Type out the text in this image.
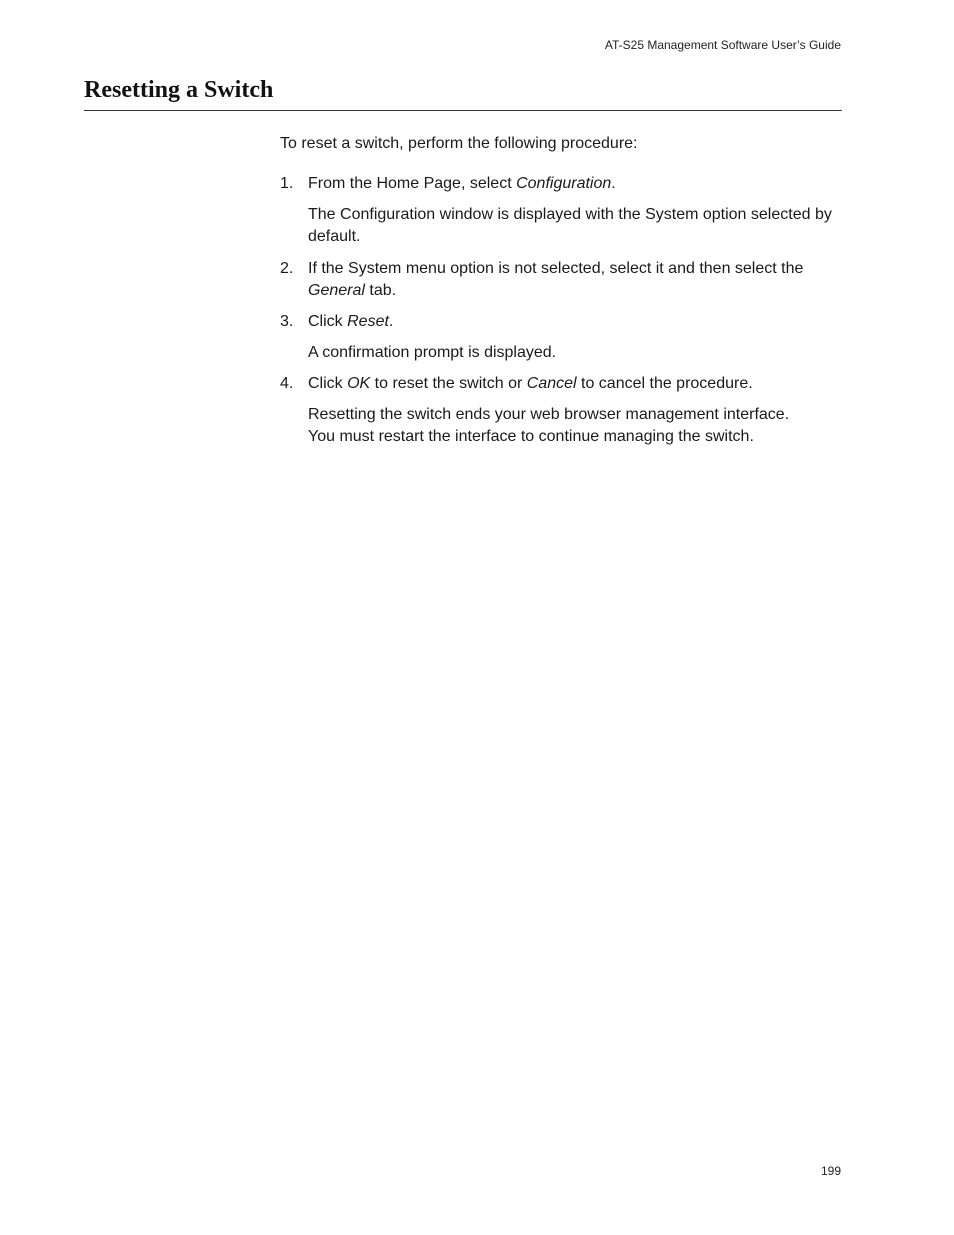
AT-S25 Management Software User’s Guide
Resetting a Switch
To reset a switch, perform the following procedure:
1. From the Home Page, select Configuration.
The Configuration window is displayed with the System option selected by default.
2. If the System menu option is not selected, select it and then select the General tab.
3. Click Reset.
A confirmation prompt is displayed.
4. Click OK to reset the switch or Cancel to cancel the procedure.
Resetting the switch ends your web browser management interface. You must restart the interface to continue managing the switch.
199
